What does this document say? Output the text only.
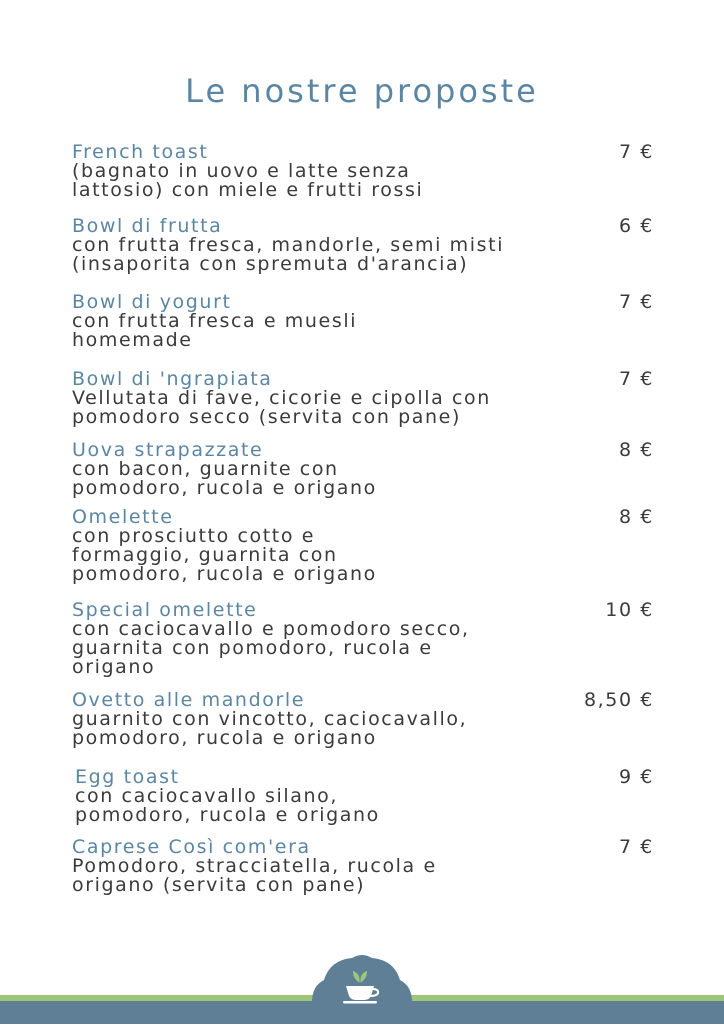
Le nostre proposte
French toast
(bagnato in uovo e latte senza lattosio) con miele e frutti rossi
7 €
Bowl di frutta
con frutta fresca, mandorle, semi misti (insaporita con spremuta d'arancia)
6 €
Bowl di yogurt
con frutta fresca e muesli homemade
7 €
Bowl di 'ngrapiata
Vellutata di fave, cicorie e cipolla con pomodoro secco (servita con pane)
7 €
Uova strapazzate
con bacon, guarnite con pomodoro, rucola e origano
8 €
Omelette
con prosciutto cotto e formaggio, guarnita con pomodoro, rucola e origano
8 €
Special omelette
con caciocavallo e pomodoro secco, guarnita con pomodoro, rucola e origano
10 €
Ovetto alle mandorle
guarnito con vincotto, caciocavallo, pomodoro, rucola e origano
8,50 €
Egg toast
con caciocavallo silano, pomodoro, rucola e origano
9 €
Caprese Così com'era
Pomodoro, stracciatella, rucola e origano (servita con pane)
7 €
